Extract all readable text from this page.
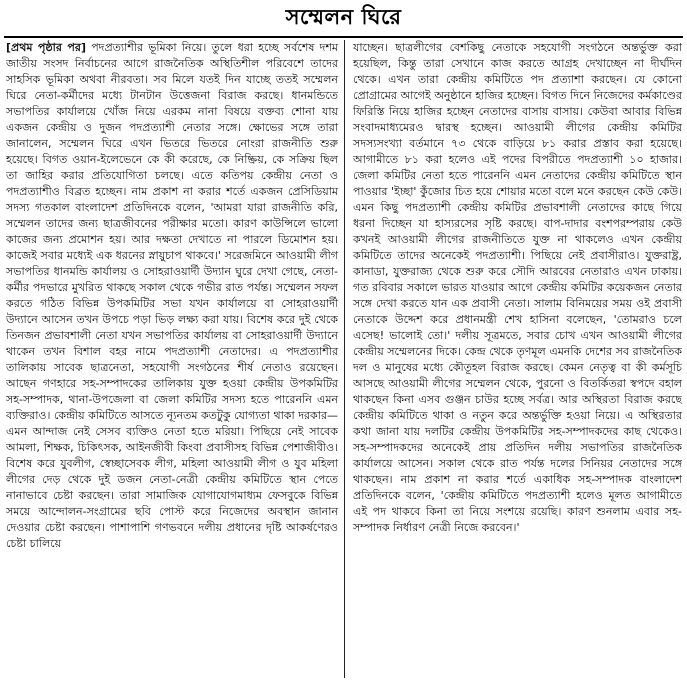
সম্মেলন ঘিরে

[প্রথম পৃষ্ঠার পর] পদপ্রত্যাশীর ভূমিকা নিয়ে। তুলে ধরা হচ্ছে সর্বশেষ দশম জাতীয় সংসদ নির্বাচনের আগে রাজনৈতিক অস্থিতিশীল পরিবেশে তাদের সাহসিক ভূমিকা অথবা নীরবতা। সব মিলে যতই দিন যাচ্ছে ততই সম্মেলন ঘিরে নেতা-কর্মীদের মধ্যে টানটান উত্তেজনা বিরাজ করছে। ধানমন্ডিতে সভাপতির কার্যালয়ে খোঁজ নিয়ে এরকম নানা বিষয়ে বক্তব্য শোনা যায় একজন কেন্দ্রীয় ও দুজন পদপ্রত্যাশী নেতার সঙ্গে। ক্ষোভের সঙ্গে তারা জানালেন, সম্মেলন ঘিরে এখন ভিতরে ভিতরে নোংরা রাজনীতি শুরু হয়েছে। বিগত ওয়ান-ইলেভেনে কে কী করেছে, কে নিষ্ক্রিয়, কে সক্রিয় ছিল তা জাহির করার প্রতিযোগিতা চলছে। এতে কতিপয় কেন্দ্রীয় নেতা ও পদপ্রত্যাশীও বিব্রত হচ্ছেন। নাম প্রকাশ না করার শর্তে একজন প্রেসিডিয়াম সদস্য গতকাল বাংলাদেশ প্রতিদিনকে বলেন, 'আমরা যারা রাজনীতি করি, সম্মেলন তাদের জন্য ছাত্রজীবনের পরীক্ষার মতো। কারণ কাউন্সিলে ভালো কাজের জন্য প্রমোশন হয়। আর দক্ষতা দেখাতে না পারলে ডিমোশন হয়। কাজেই সবার মধ্যেই এক ধরনের স্নায়ুচাপ থাকবে।' সরেজমিনে আওয়ামী লীগ সভাপতির ধানমন্ডি কার্যালয় ও সোহরাওয়ার্দী উদ্যান ঘুরে দেখা গেছে, নেতা-কর্মীর পদভারে মুখরিত থাকছে সকাল থেকে গভীর রাত পর্যন্ত। সম্মেলন সফল করতে গঠিত বিভিন্ন উপকমিটির সভা যখন কার্যালয়ে বা সোহরাওয়ার্দী উদ্যানে আসেন তখন উপচে পড়া ভিড় লক্ষ্য করা যায়। বিশেষ করে দুই থেকে তিনজন প্রভাবশালী নেতা যখন সভাপতির কার্যালয় বা সোহরাওয়ার্দী উদ্যানে থাকেন তখন বিশাল বহর নামে পদপ্রত্যাশী নেতাদের। এ পদপ্রত্যাশীর তালিকায় সাবেক ছাত্রনেতা, সহযোগী সংগঠনের শীর্ষ নেতাও রয়েছেন। আছেন গণহারে সহ-সম্পাদকের তালিকায় যুক্ত হওয়া কেন্দ্রীয় উপকমিটির সহ-সম্পাদক, থানা-উপজেলা বা জেলা কমিটির সদস্য হতে পারেননি এমন ব্যক্তিরাও। কেন্দ্রীয় কমিটিতে আসতে ন্যূনতম কতটুকু যোগ্যতা থাকা দরকার— এমন আন্দাজ নেই সেসব ব্যক্তিও নেতা হতে মরিয়া। পিছিয়ে নেই সাবেক আমলা, শিক্ষক, চিকিৎসক, আইনজীবী কিংবা প্রবাসীসহ বিভিন্ন পেশাজীবীও। বিশেষ করে যুবলীগ, স্বেচ্ছাসেবক লীগ, মহিলা আওয়ামী লীগ ও যুব মহিলা লীগের দেড় থেকে দুই ডজন নেতা-নেত্রী কেন্দ্রীয় কমিটিতে স্থান পেতে নানাভাবে চেষ্টা করছেন। তারা সামাজিক যোগাযোগমাধ্যম ফেসবুকে বিভিন্ন সময়ে আন্দোলন-সংগ্রামের ছবি পোস্ট করে নিজেদের অবস্থান জানান দেওয়ার চেষ্টা করছেন। পাশাপাশি গণভবনে দলীয় প্রধানের দৃষ্টি আকর্ষণেরও চেষ্টা চালিয়ে

যাচ্ছেন। ছাত্রলীগের বেশকিছু নেতাকে সহযোগী সংগঠনে অন্তর্ভুক্ত করা হয়েছিল, কিন্তু তারা সেখানে কাজ করতে আগ্রহ দেখাচ্ছেন না দীর্ঘদিন থেকে। এখন তারা কেন্দ্রীয় কমিটিতে পদ প্রত্যাশা করছেন। যে কোনো প্রোগ্রামের আগেই অনুষ্ঠানে হাজির হচ্ছেন। বিগত দিনে নিজেদের কর্মকাণ্ডের ফিরিস্তি নিয়ে হাজির হচ্ছেন নেতাদের বাসায় বাসায়। কেউবা আবার বিভিন্ন সংবাদমাধ্যমেরও দ্বারস্থ হচ্ছেন। আওয়ামী লীগের কেন্দ্রীয় কমিটির সদস্যসংখ্যা বর্তমানে ৭৩ থেকে বাড়িয়ে ৮১ করার প্রস্তাব করা হয়েছে। আগামীতে ৮১ করা হলেও এই পদের বিপরীতে পদপ্রত্যাশী ১০ হাজার। জেলা কমিটির নেতা হতে পারেননি এমন নেতাদের কেন্দ্রীয় কমিটিতে স্থান পাওয়ার 'ইচ্ছা' কুঁজোর চিত হয়ে শোয়ার মতো বলে মনে করছেন কেউ কেউ। এমন কিছু পদপ্রত্যাশী কেন্দ্রীয় কমিটির প্রভাবশালী নেতাদের কাছে গিয়ে ধরনা দিচ্ছেন যা হাস্যরসের সৃষ্টি করছে। বাপ-দাদার বংশপরম্পরায় কেউ কখনই আওয়ামী লীগের রাজনীতিতে যুক্ত না থাকলেও এখন কেন্দ্রীয় কমিটিতে তাদের অনেকেই পদপ্রত্যাশী। পিছিয়ে নেই প্রবাসীরাও। যুক্তরাষ্ট্র, কানাডা, যুক্তরাজ্য থেকে শুরু করে সৌদি আরবের নেতারাও এখন ঢাকায়। গত রবিবার সকালে ভারত যাওয়ার আগে কেন্দ্রীয় কমিটির কয়েকজন নেতার সঙ্গে দেখা করতে যান এক প্রবাসী নেতা। সালাম বিনিময়ের সময় ওই প্রবাসী নেতাকে উদ্দেশ করে প্রধানমন্ত্রী শেখ হাসিনা বলেছেন, 'তোমরাও চলে এসেছ! ভালোই তো।' দলীয় সূত্রমতে, সবার চোখ এখন আওয়ামী লীগের কেন্দ্রীয় সম্মেলনের দিকে। কেন্দ্র থেকে তৃণমূল এমনকি দেশের সব রাজনৈতিক দল ও মানুষের মধ্যে কৌতূহল বিরাজ করছে। কেমন নেতৃত্ব বা কী কর্মসূচি আসছে আওয়ামী লীগের সম্মেলন থেকে, পুরনো ও বিতর্কিতরা স্বপদে বহাল থাকছেন কিনা এসব গুঞ্জন চাউর হচ্ছে সর্বত্র। আর অস্থিরতা বিরাজ করছে কেন্দ্রীয় কমিটিতে থাকা ও নতুন করে অন্তর্ভুক্তি হওয়া নিয়ে। এ অস্থিরতার কথা জানা যায় দলটির কেন্দ্রীয় উপকমিটির সহ-সম্পাদকদের কাছ থেকেও। সহ-সম্পাদকদের অনেকেই প্রায় প্রতিদিন দলীয় সভাপতির রাজনৈতিক কার্যালয়ে আসেন। সকাল থেকে রাত পর্যন্ত দলের সিনিয়র নেতাদের সঙ্গে থাকছেন। নাম প্রকাশ না করার শর্তে একাধিক সহ-সম্পাদক বাংলাদেশ প্রতিদিনকে বলেন, 'কেন্দ্রীয় কমিটিতে পদপ্রত্যাশী হলেও মূলত আগামীতে এই পদ থাকবে কিনা তা নিয়ে সংশয়ে রয়েছি। কারণ শুনলাম এবার সহ-সম্পাদক নির্ধারণ নেত্রী নিজে করবেন।'
